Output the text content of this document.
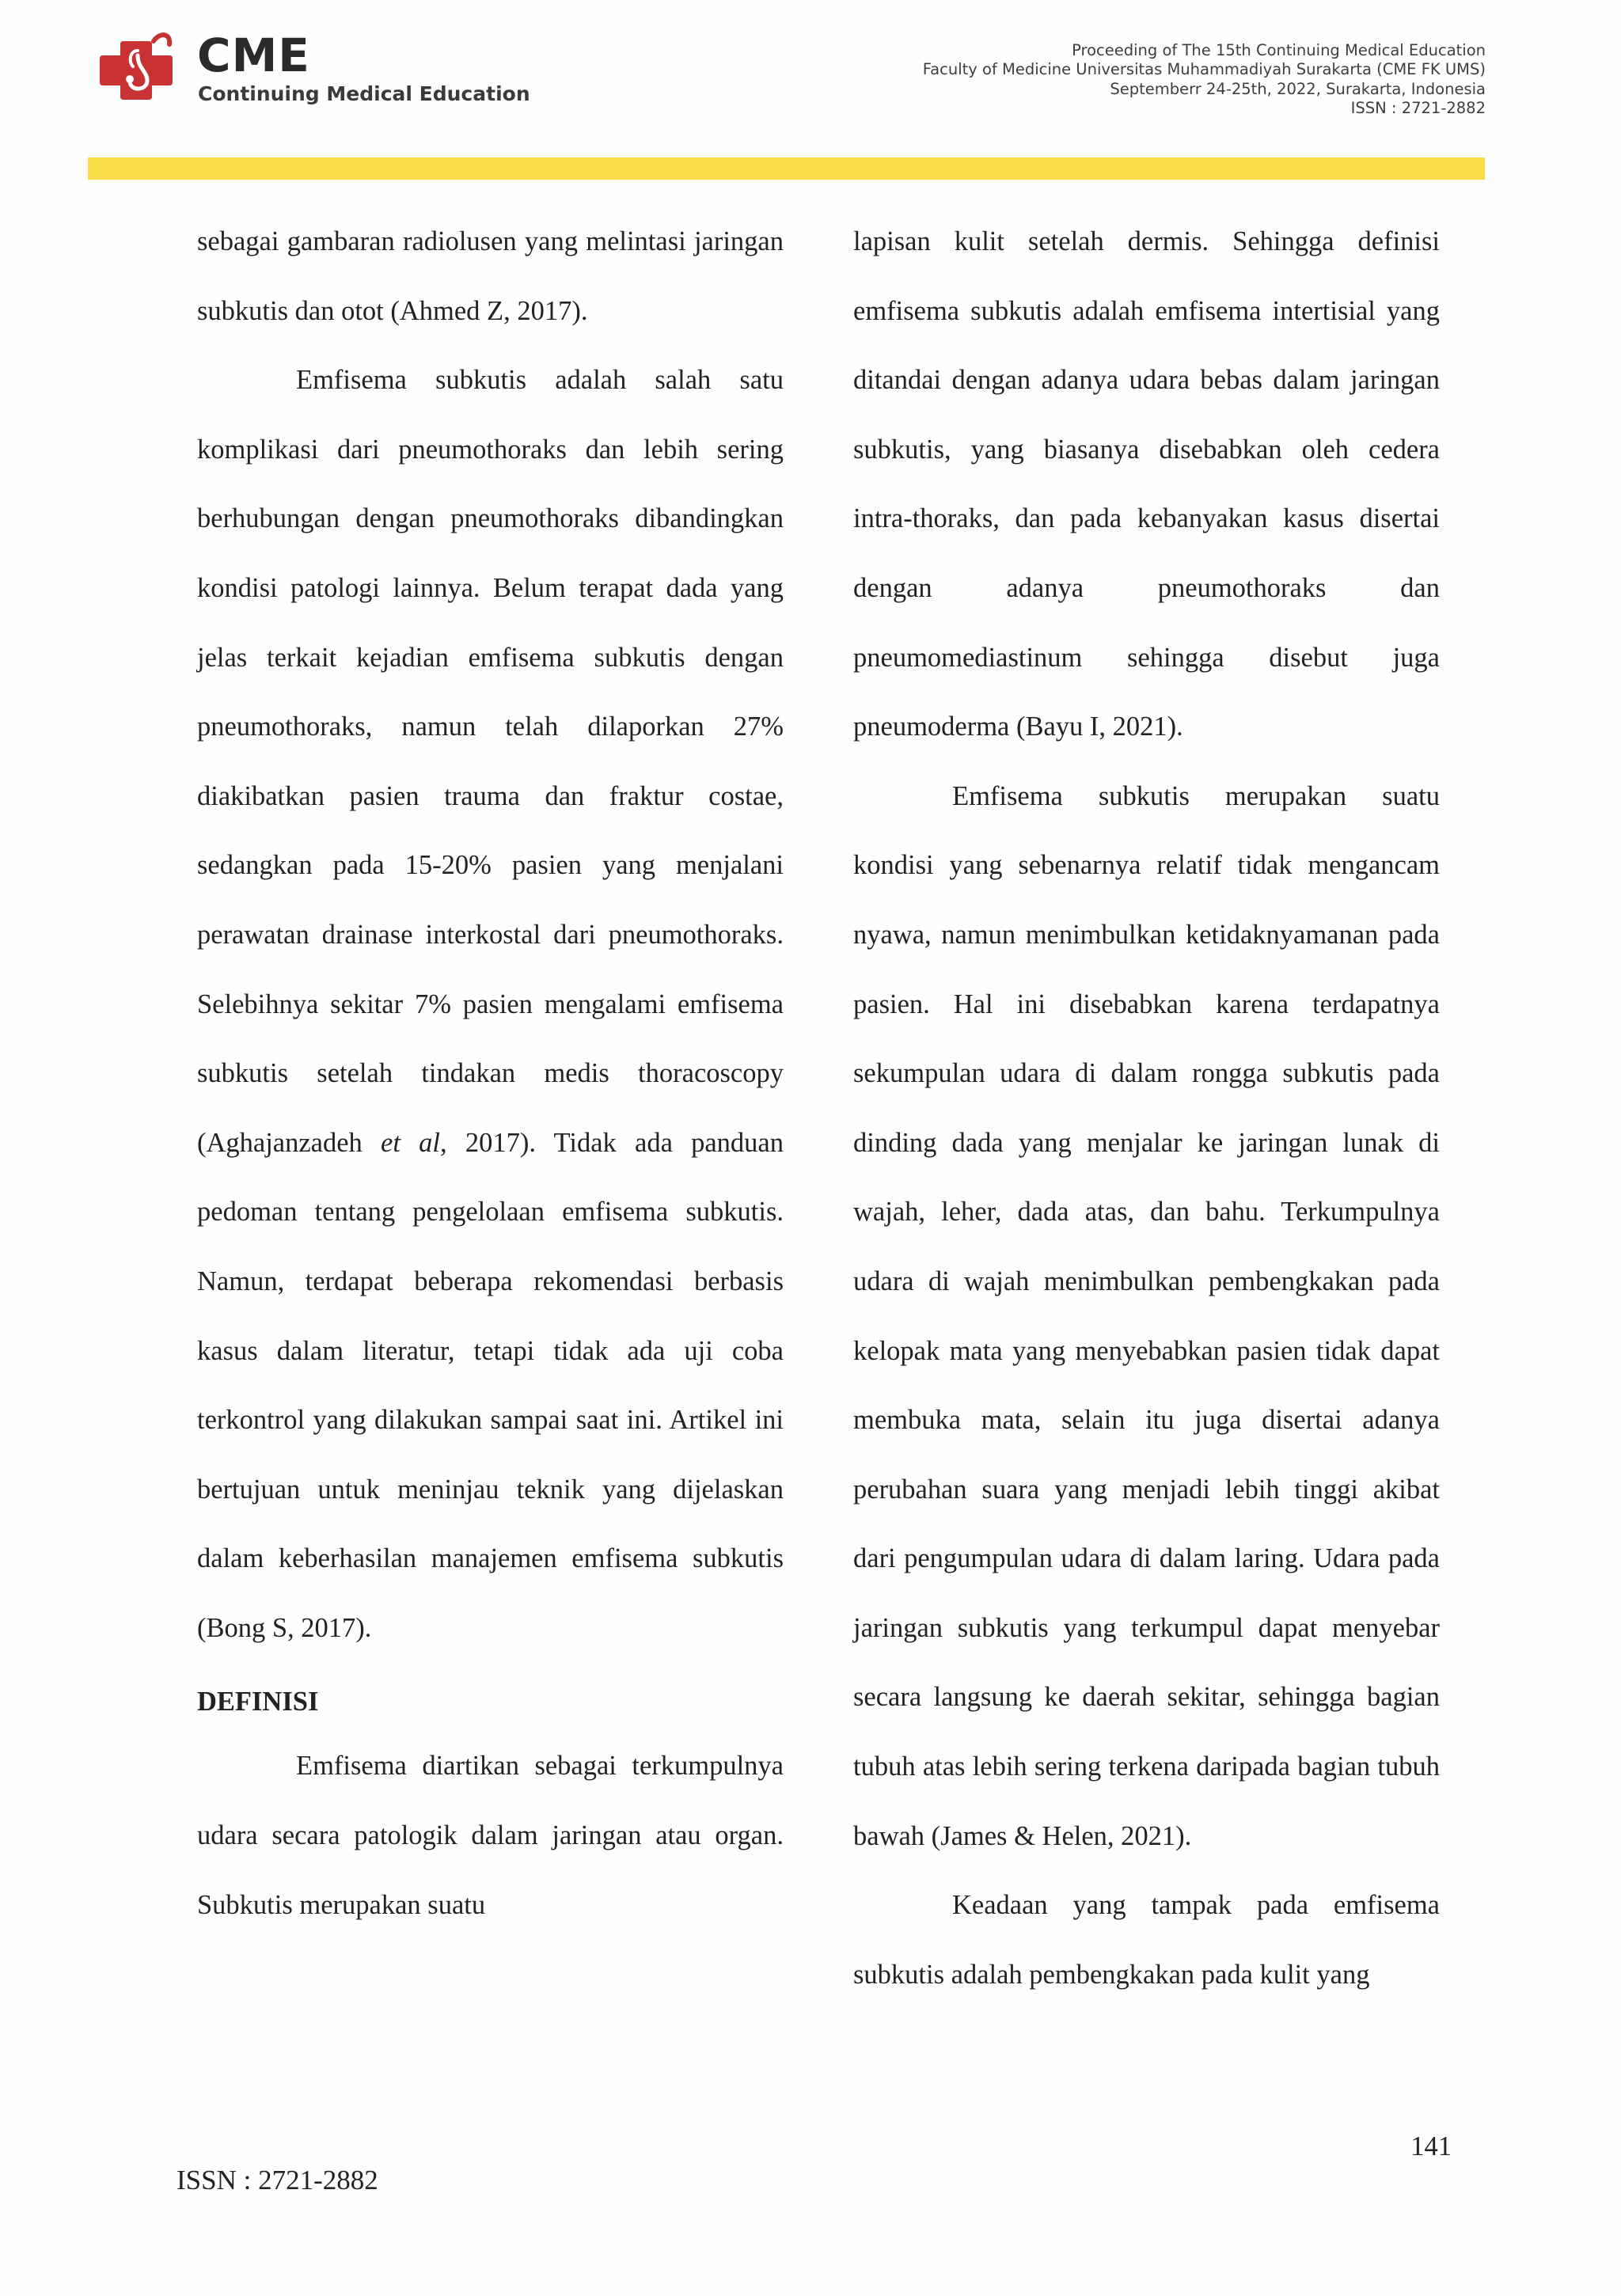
CME
Continuing Medical Education
Proceeding of The 15th Continuing Medical Education
Faculty of Medicine Universitas Muhammadiyah Surakarta (CME FK UMS)
Septemberr 24-25th, 2022, Surakarta, Indonesia
ISSN : 2721-2882

sebagai gambaran radiolusen yang melintasi jaringan subkutis dan otot (Ahmed Z, 2017).

Emfisema subkutis adalah salah satu komplikasi dari pneumothoraks dan lebih sering berhubungan dengan pneumothoraks dibandingkan kondisi patologi lainnya. Belum terapat dada yang jelas terkait kejadian emfisema subkutis dengan pneumothoraks, namun telah dilaporkan 27% diakibatkan pasien trauma dan fraktur costae, sedangkan pada 15-20% pasien yang menjalani perawatan drainase interkostal dari pneumothoraks. Selebihnya sekitar 7% pasien mengalami emfisema subkutis setelah tindakan medis thoracoscopy (Aghajanzadeh et al, 2017). Tidak ada panduan pedoman tentang pengelolaan emfisema subkutis. Namun, terdapat beberapa rekomendasi berbasis kasus dalam literatur, tetapi tidak ada uji coba terkontrol yang dilakukan sampai saat ini. Artikel ini bertujuan untuk meninjau teknik yang dijelaskan dalam keberhasilan manajemen emfisema subkutis (Bong S, 2017).

DEFINISI

Emfisema diartikan sebagai terkumpulnya udara secara patologik dalam jaringan atau organ. Subkutis merupakan suatu

lapisan kulit setelah dermis. Sehingga definisi emfisema subkutis adalah emfisema intertisial yang ditandai dengan adanya udara bebas dalam jaringan subkutis, yang biasanya disebabkan oleh cedera intra-thoraks, dan pada kebanyakan kasus disertai dengan adanya pneumothoraks dan pneumomediastinum sehingga disebut juga pneumoderma (Bayu I, 2021).

Emfisema subkutis merupakan suatu kondisi yang sebenarnya relatif tidak mengancam nyawa, namun menimbulkan ketidaknyamanan pada pasien. Hal ini disebabkan karena terdapatnya sekumpulan udara di dalam rongga subkutis pada dinding dada yang menjalar ke jaringan lunak di wajah, leher, dada atas, dan bahu. Terkumpulnya udara di wajah menimbulkan pembengkakan pada kelopak mata yang menyebabkan pasien tidak dapat membuka mata, selain itu juga disertai adanya perubahan suara yang menjadi lebih tinggi akibat dari pengumpulan udara di dalam laring. Udara pada jaringan subkutis yang terkumpul dapat menyebar secara langsung ke daerah sekitar, sehingga bagian tubuh atas lebih sering terkena daripada bagian tubuh bawah (James & Helen, 2021).

Keadaan yang tampak pada emfisema subkutis adalah pembengkakan pada kulit yang

141
ISSN : 2721-2882
